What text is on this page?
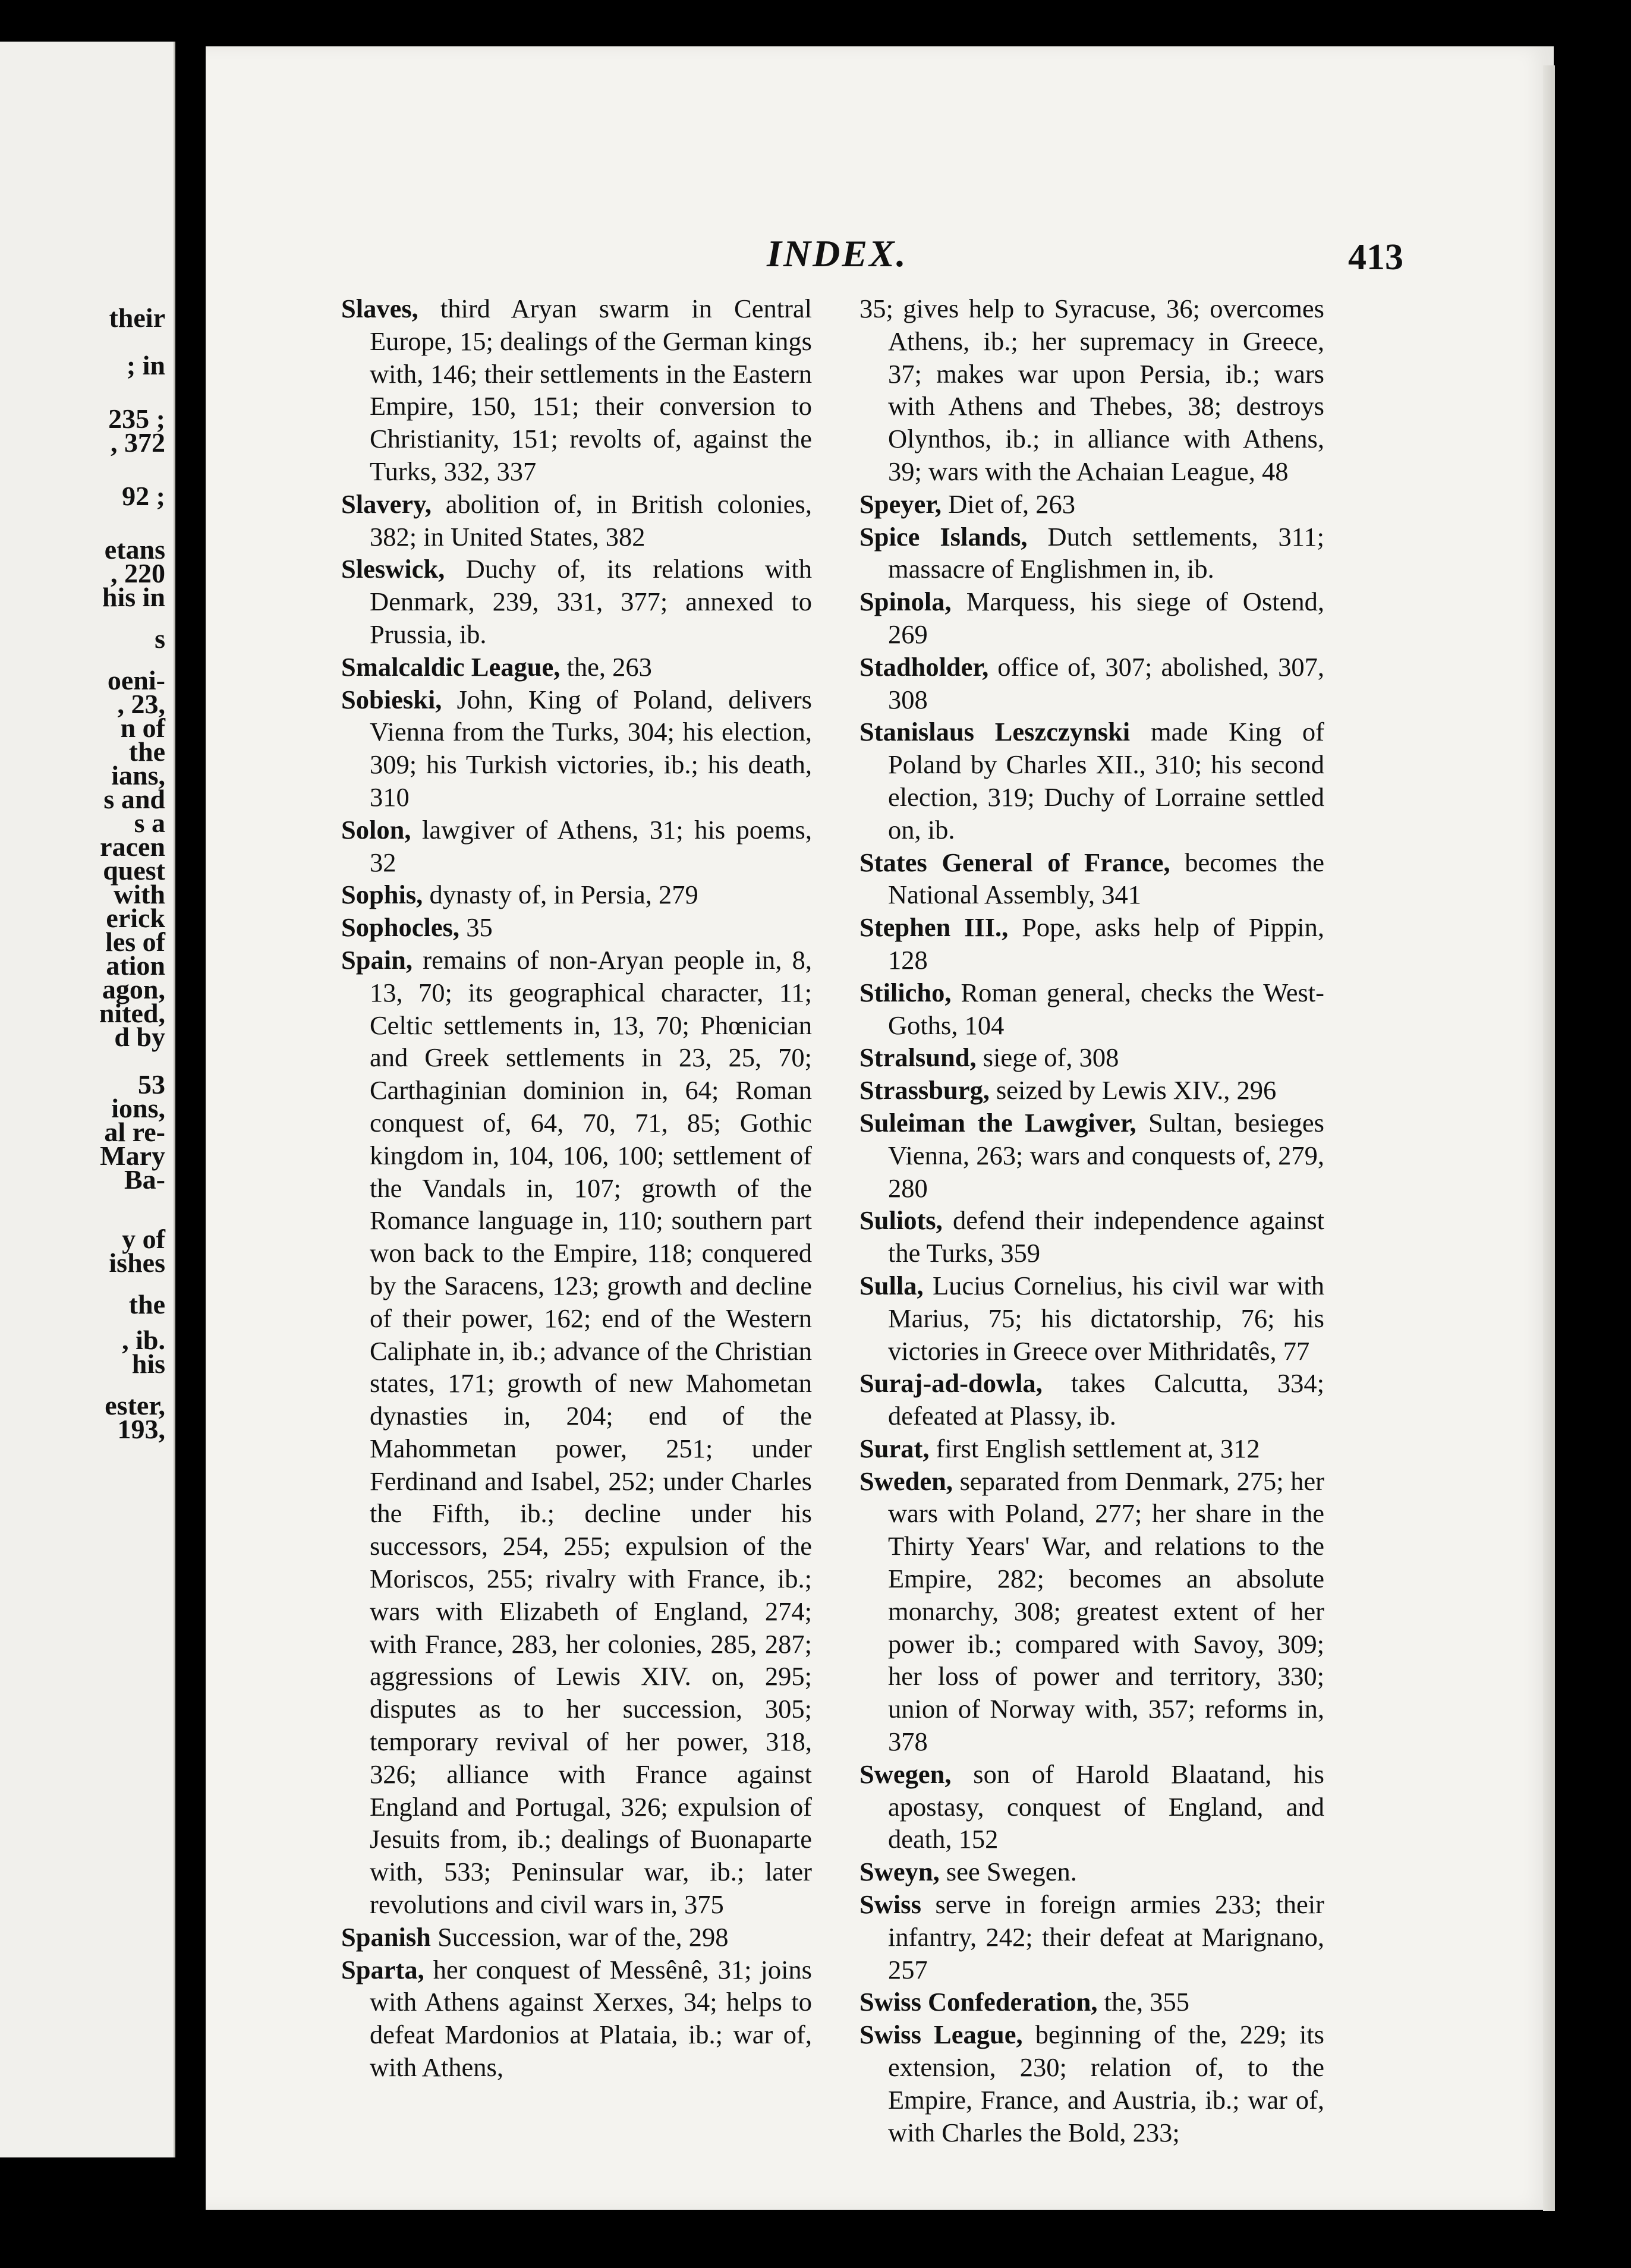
their
; in
235 ;
, 372
92 ;
etans
, 220
his in
s
oeni-
, 23,
n of
the
ians,
s and
s a
racen
quest
with
erick
les of
ation
agon,
nited,
d by
53
ions,
al re-
Mary
Ba-
y of
ishes
the
, ib.
his
ester,
193,
INDEX.	413

Slaves, third Aryan swarm in Central Europe, 15; dealings of the German kings with, 146; their settlements in the Eastern Empire, 150, 151; their conversion to Christianity, 151; revolts of, against the Turks, 332, 337

Slavery, abolition of, in British colonies, 382; in United States, 382

Sleswick, Duchy of, its relations with Denmark, 239, 331, 377; annexed to Prussia, ib.

Smalcaldic League, the, 263

Sobieski, John, King of Poland, delivers Vienna from the Turks, 304; his election, 309; his Turkish victories, ib.; his death, 310

Solon, lawgiver of Athens, 31; his poems, 32

Sophis, dynasty of, in Persia, 279

Sophocles, 35

Spain, remains of non-Aryan people in, 8, 13, 70; its geographical character, 11; Celtic settlements in, 13, 70; Phœnician and Greek settlements in 23, 25, 70; Carthaginian dominion in, 64; Roman conquest of, 64, 70, 71, 85; Gothic kingdom in, 104, 106, 100; settlement of the Vandals in, 107; growth of the Romance language in, 110; southern part won back to the Empire, 118; conquered by the Saracens, 123; growth and decline of their power, 162; end of the Western Caliphate in, ib.; advance of the Christian states, 171; growth of new Mahometan dynasties in, 204; end of the Mahommetan power, 251; under Ferdinand and Isabel, 252; under Charles the Fifth, ib.; decline under his successors, 254, 255; expulsion of the Moriscos, 255; rivalry with France, ib.; wars with Elizabeth of England, 274; with France, 283, her colonies, 285, 287; aggressions of Lewis XIV. on, 295; disputes as to her succession, 305; temporary revival of her power, 318, 326; alliance with France against England and Portugal, 326; expulsion of Jesuits from, ib.; dealings of Buonaparte with, 533; Peninsular war, ib.; later revolutions and civil wars in, 375

Spanish Succession, war of the, 298

Sparta, her conquest of Messênê, 31; joins with Athens against Xerxes, 34; helps to defeat Mardonios at Plataia, ib.; war of, with Athens,

35; gives help to Syracuse, 36; overcomes Athens, ib.; her supremacy in Greece, 37; makes war upon Persia, ib.; wars with Athens and Thebes, 38; destroys Olynthos, ib.; in alliance with Athens, 39; wars with the Achaian League, 48

Speyer, Diet of, 263

Spice Islands, Dutch settlements, 311; massacre of Englishmen in, ib.

Spinola, Marquess, his siege of Ostend, 269

Stadholder, office of, 307; abolished, 307, 308

Stanislaus Leszczynski made King of Poland by Charles XII., 310; his second election, 319; Duchy of Lorraine settled on, ib.

States General of France, becomes the National Assembly, 341

Stephen III., Pope, asks help of Pippin, 128

Stilicho, Roman general, checks the West-Goths, 104

Stralsund, siege of, 308

Strassburg, seized by Lewis XIV., 296

Suleiman the Lawgiver, Sultan, besieges Vienna, 263; wars and conquests of, 279, 280

Suliots, defend their independence against the Turks, 359

Sulla, Lucius Cornelius, his civil war with Marius, 75; his dictatorship, 76; his victories in Greece over Mithridatês, 77

Suraj-ad-dowla, takes Calcutta, 334; defeated at Plassy, ib.

Surat, first English settlement at, 312

Sweden, separated from Denmark, 275; her wars with Poland, 277; her share in the Thirty Years' War, and relations to the Empire, 282; becomes an absolute monarchy, 308; greatest extent of her power ib.; compared with Savoy, 309; her loss of power and territory, 330; union of Norway with, 357; reforms in, 378

Swegen, son of Harold Blaatand, his apostasy, conquest of England, and death, 152

Sweyn, see Swegen.

Swiss serve in foreign armies 233; their infantry, 242; their defeat at Marignano, 257

Swiss Confederation, the, 355

Swiss League, beginning of the, 229; its extension, 230; relation of, to the Empire, France, and Austria, ib.; war of, with Charles the Bold, 233;
